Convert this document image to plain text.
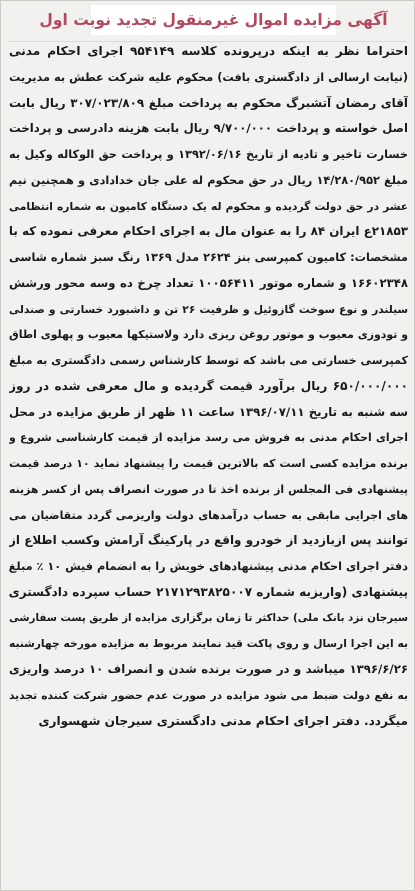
آگهی مزایده اموال غیرمنقول تجدید نوبت اول
احتراما نظر به اینکه درپرونده کلاسه ۹۵۴۱۴۹ اجرای احکام مدنی
(نیابت ارسالی از دادگستری بافت) محکوم علیه شرکت عطش به مدیریت
آقای رمضان آتشبرگ محکوم به پرداخت مبلغ ۳۰۷/۰۲۳/۸۰۹ ریال بابت
اصل خواسته و پرداخت ۹/۷۰۰/۰۰۰ ریال بابت هزینه دادرسی و پرداخت
خسارت تاخیر و تادیه از تاریخ ۱۳۹۲/۰۶/۱۶ و پرداخت حق الوکاله وکیل به
مبلغ ۱۴/۲۸۰/۹۵۲ ریال در حق محکوم له علی جان خدادادی و همچنین نیم
عشر در حق دولت گردیده و محکوم له یک دستگاه کامیون به شماره انتظامی
۲۱۸۵۳ع ایران ۸۴ را به عنوان مال به اجرای احکام معرفی نموده که با
مشخصات: کامیون کمپرسی بنز ۲۶۲۴ مدل ۱۳۶۹ رنگ سبز شماره شاسی
۱۶۶۰۲۳۴۸ و شماره موتور ۱۰۰۵۶۴۱۱ تعداد چرخ ده وسه محور ورشش
سیلندر و نوع سوخت گازوئیل و ظرفیت ۲۶ تن و داشبورد خسارتی و صندلی
و تودوزی معیوب و موتور روغن ریزی دارد ولاستیکها معیوب و پهلوی اطاق
کمپرسی خسارتی می باشد که توسط کارشناس رسمی دادگستری به مبلغ
۶۵۰/۰۰۰/۰۰۰ ریال برآورد قیمت گردیده و مال معرفی شده در روز
سه شنبه به تاریخ ۱۳۹۶/۰۷/۱۱ ساعت ۱۱ ظهر از طریق مزایده در محل
اجرای احکام مدنی به فروش می رسد مزایده از قیمت کارشناسی شروع و
برنده مزایده کسی است که بالاترین قیمت را پیشنهاد نماید ۱۰ درصد قیمت
پیشنهادی فی المجلس از برنده اخذ تا در صورت انصراف پس از کسر هزینه
های اجرایی مابقی به حساب درآمدهای دولت واریزمی گردد متقاضیان می
توانند پس ازبازدید از خودرو واقع در پارکینگ آرامش وکسب اطلاع از
دفتر اجرای احکام مدنی پیشنهادهای خویش را به انضمام فیش ۱۰ ٪ مبلغ
پیشنهادی (واریزبه شماره ۲۱۷۱۲۹۳۸۲۵۰۰۷ حساب سپرده دادگستری
سیرجان نزد بانک ملی) حداکثر تا زمان برگزاری مزایده از طریق پست سفارشی
به این اجرا ارسال و روی پاکت قید نمایند مربوط به مزایده مورخه چهارشنبه
۱۳۹۶/۶/۲۶ میباشد و در صورت برنده شدن و انصراف ۱۰ درصد واریزی
به نفع دولت ضبط می شود مزایده در صورت عدم حضور شرکت کننده تجدید
میگردد. دفتر اجرای احکام مدنی دادگستری سیرجان شهسواری
